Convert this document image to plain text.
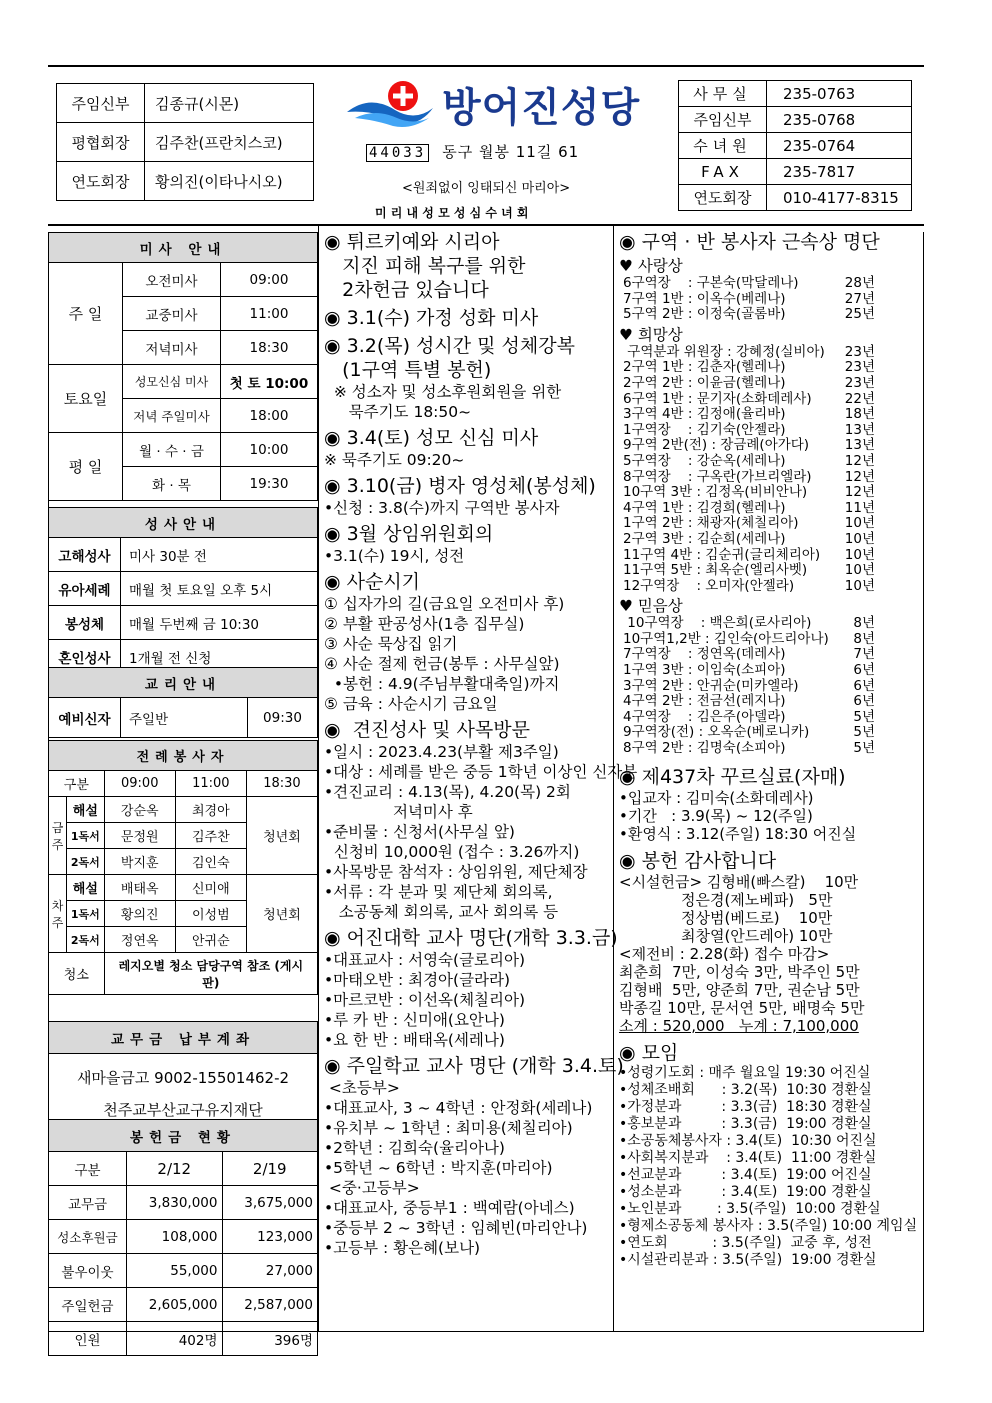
주임신부	김종규(시몬)
평협회장	김주찬(프란치스코)
연도회장	황의진(이타나시오)
방어진성당
44033 동구 월봉 11길 61
<원죄없이 잉태되신 마리아>
미 리 내 성 모 성 심 수 녀 회
사무실	235-0763
주임신부	235-0768
수녀원	235-0764
FAX	235-7817
연도회장	010-4177-8315
미사 안내		
주 일	오전미사	09:00
	교중미사	11:00
	저녁미사	18:30
토요일	성모신심 미사	첫 토 10:00
	저녁 주일미사	18:00
평 일	월 · 수 · 금	10:00
	화 · 목	19:30
성사안내	
고해성사	미사 30분 전
유아세례	매월 첫 토요일 오후 5시
봉성체	매월 두번째 금 10:30
혼인성사	1개월 전 신청
교리안내
예비신자	주일반	09:30
전례봉사자				
구분		09:00	11:00	18:30
금 주	해설	강순옥	최경아	청년회
	1독서	문정원	김주찬	
	2독서	박지훈	김인숙	
차 주	해설	배태옥	신미애	청년회
	1독서	황의진	이성범	
	2독서	정연옥	안귀순	
청소		레지오별 청소 담당구역 참조 (게시판)		
교무금 납부계좌

새마을금고 9002-15501462-2
천주교부산교구유지재단
봉헌금 현황		
구분	2/12	2/19
교무금	3,830,000	3,675,000
성소후원금	108,000	123,000
불우이웃	55,000	27,000
주일헌금	2,605,000	2,587,000
인원	402명	396명
◉ 튀르키예와 시리아
지진 피해 복구를 위한
2차헌금 있습니다
◉ 3.1(수) 가정 성화 미사
◉ 3.2(목) 성시간 및 성체강복
(1구역 특별 봉헌)
※ 성소자 및 성소후원회원을 위한
묵주기도 18:50~
◉ 3.4(토) 성모 신심 미사
※ 묵주기도 09:20~
◉ 3.10(금) 병자 영성체(봉성체)
•신청 : 3.8(수)까지 구역반 봉사자
◉ 3월 상임위원회의
•3.1(수) 19시, 성전
◉ 사순시기
① 십자가의 길(금요일 오전미사 후)
② 부활 판공성사(1층 집무실)
③ 사순 묵상집 읽기
④ 사순 절제 헌금(봉투 : 사무실앞)
•봉헌 : 4.9(주님부활대축일)까지
⑤ 금육 : 사순시기 금요일
◉  견진성사 및 사목방문
•일시 : 2023.4.23(부활 제3주일)
•대상 : 세례를 받은 중등 1학년 이상인 신자분
•견진교리 : 4.13(목), 4.20(목) 2회
저녁미사 후
•준비물 : 신청서(사무실 앞)
신청비 10,000원 (접수 : 3.26까지)
•사목방문 참석자 : 상임위원, 제단체장
•서류 : 각 분과 및 제단체 회의록,
소공동체 회의록, 교사 회의록 등
◉ 어진대학 교사 명단(개학 3.3.금)
•대표교사 : 서영숙(글로리아)
•마태오반 : 최경아(글라라)
•마르코반 : 이선옥(체칠리아)
•루 카 반 : 신미애(요안나)
•요 한 반 : 배태옥(세레나)
◉ 주일학교 교사 명단 (개학 3.4.토)
<초등부>
•대표교사, 3 ~ 4학년 : 안정화(세레나)
•유치부 ~ 1학년 : 최미용(체칠리아)
•2학년 : 김희숙(율리아나)
•5학년 ~ 6학년 : 박지훈(마리아)
<중·고등부>
•대표교사, 중등부1 : 백예람(아네스)
•중등부 2 ~ 3학년 : 임혜빈(마리안나)
•고등부 : 황은혜(보나)
◉ 구역 · 반 봉사자 근속상 명단
♥ 사랑상
6구역장    : 구본숙(막달레나)	28년
7구역 1반 : 이옥수(베레나)	27년
5구역 2반 : 이정숙(골롬바)	25년
♥ 희망상
구역분과 위원장 : 강혜정(실비아) 23년
2구역 1반 : 김춘자(헬레나)	23년
2구역 2반 : 이윤금(헬레나)	23년
6구역 1반 : 문기자(소화데레사) 22년
3구역 4반 : 김정애(율리바)	18년
1구역장    : 김기숙(안젤라)	13년
9구역 2반(전) : 장금례(아가다)	13년
5구역장    : 강순옥(세레나)	12년
8구역장    : 구옥란(가브리엘라) 12년
10구역 3반 : 김정옥(비비안나)	12년
4구역 1반 : 김경희(헬레나)	11년
1구역 2반 : 채광자(체칠리아)	10년
2구역 3반 : 김순희(세레나)	10년
11구역 4반 : 김순귀(글리체리아) 10년
11구역 5반 : 최옥순(엘리사벳)	10년
12구역장    : 오미자(안젤라)	10년
♥ 믿음상
10구역장    : 백은희(로사리아)	8년
10구역1,2반 : 김인숙(아드리아나) 8년
7구역장    : 정연옥(데레사)	7년
1구역 3반 : 이임숙(소피아)	6년
3구역 2반 : 안귀순(미카엘라)	6년
4구역 2반 : 전금선(레지나)	6년
4구역장    : 김은주(아델라)	5년
9구역장(전) : 오옥순(베로니카)	5년
8구역 2반 : 김명숙(소피아)	5년
◉ 제437차 꾸르실료(자매)
•입교자 : 김미숙(소화데레사)
•기간   : 3.9(목) ~ 12(주일)
•환영식 : 3.12(주일) 18:30 어진실
◉ 봉헌 감사합니다
<시설헌금> 김형배(빠스칼)    10만
정은경(제노베파)   5만
정상범(베드로)    10만
최창열(안드레아) 10만
<제전비 : 2.28(화) 접수 마감>
최춘희  7만, 이성숙 3만, 박주인 5만
김형배  5만, 양준희 7만, 권순남 5만
박종길 10만, 문서연 5만, 배명숙 5만
소계 : 520,000   누계 : 7,100,000
◉ 모임
•성령기도회 : 매주 월요일 19:30 어진실
•성체조배회      : 3.2(목)  10:30 경환실
•가정분과         : 3.3(금)  18:30 경환실
•홍보분과         : 3.3(금)  19:00 경환실
•소공동체봉사자 : 3.4(토)  10:30 어진실
•사회복지분과    : 3.4(토)  11:00 경환실
•선교분과         : 3.4(토)  19:00 어진실
•성소분과         : 3.4(토)  19:00 경환실
•노인분과        : 3.5(주일)  10:00 경환실
•형제소공동체 봉사자 : 3.5(주일) 10:00 계임실
•연도회          : 3.5(주일)  교중 후, 성전
•시설관리분과 : 3.5(주일)  19:00 경환실
